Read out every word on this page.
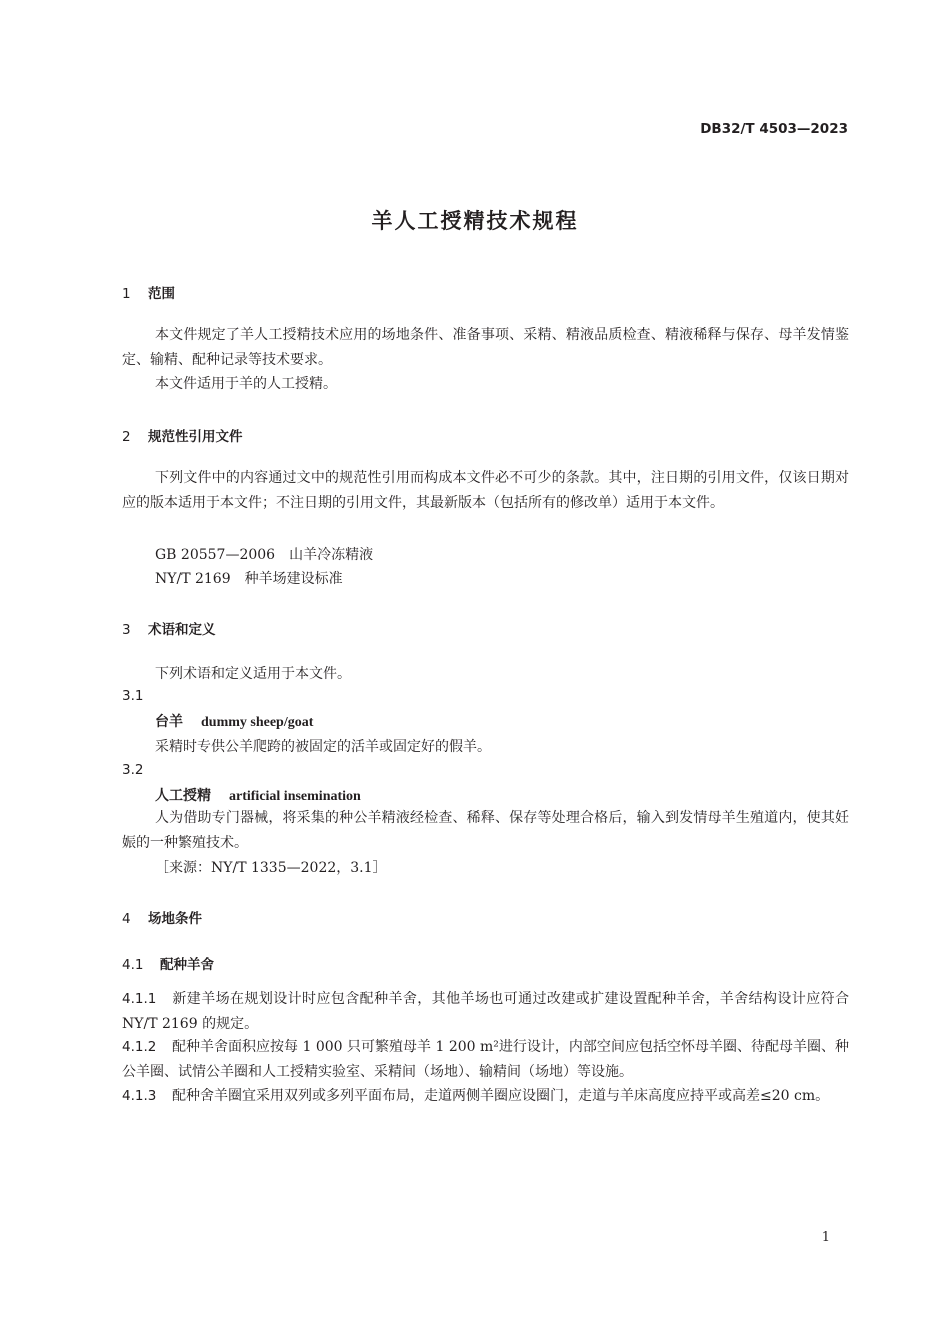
DB32/T 4503—2023
羊人工授精技术规程
1 范围
本文件规定了羊人工授精技术应用的场地条件、准备事项、采精、精液品质检查、精液稀释与保存、母羊发情鉴定、输精、配种记录等技术要求。
本文件适用于羊的人工授精。
2 规范性引用文件
下列文件中的内容通过文中的规范性引用而构成本文件必不可少的条款。其中，注日期的引用文件，仅该日期对应的版本适用于本文件；不注日期的引用文件，其最新版本（包括所有的修改单）适用于本文件。
GB 20557—2006　山羊冷冻精液
NY/T 2169　种羊场建设标准
3 术语和定义
下列术语和定义适用于本文件。
3.1
台羊 dummy sheep/goat
采精时专供公羊爬跨的被固定的活羊或固定好的假羊。
3.2
人工授精 artificial insemination
人为借助专门器械，将采集的种公羊精液经检查、稀释、保存等处理合格后，输入到发情母羊生殖道内，使其妊娠的一种繁殖技术。
［来源：NY/T 1335—2022，3.1］
4 场地条件
4.1 配种羊舍
4.1.1 新建羊场在规划设计时应包含配种羊舍，其他羊场也可通过改建或扩建设置配种羊舍，羊舍结构设计应符合 NY/T 2169 的规定。
4.1.2 配种羊舍面积应按每 1 000 只可繁殖母羊 1 200 m²进行设计，内部空间应包括空怀母羊圈、待配母羊圈、种公羊圈、试情公羊圈和人工授精实验室、采精间（场地）、输精间（场地）等设施。
4.1.3 配种舍羊圈宜采用双列或多列平面布局，走道两侧羊圈应设圈门，走道与羊床高度应持平或高差≤20 cm。
1
